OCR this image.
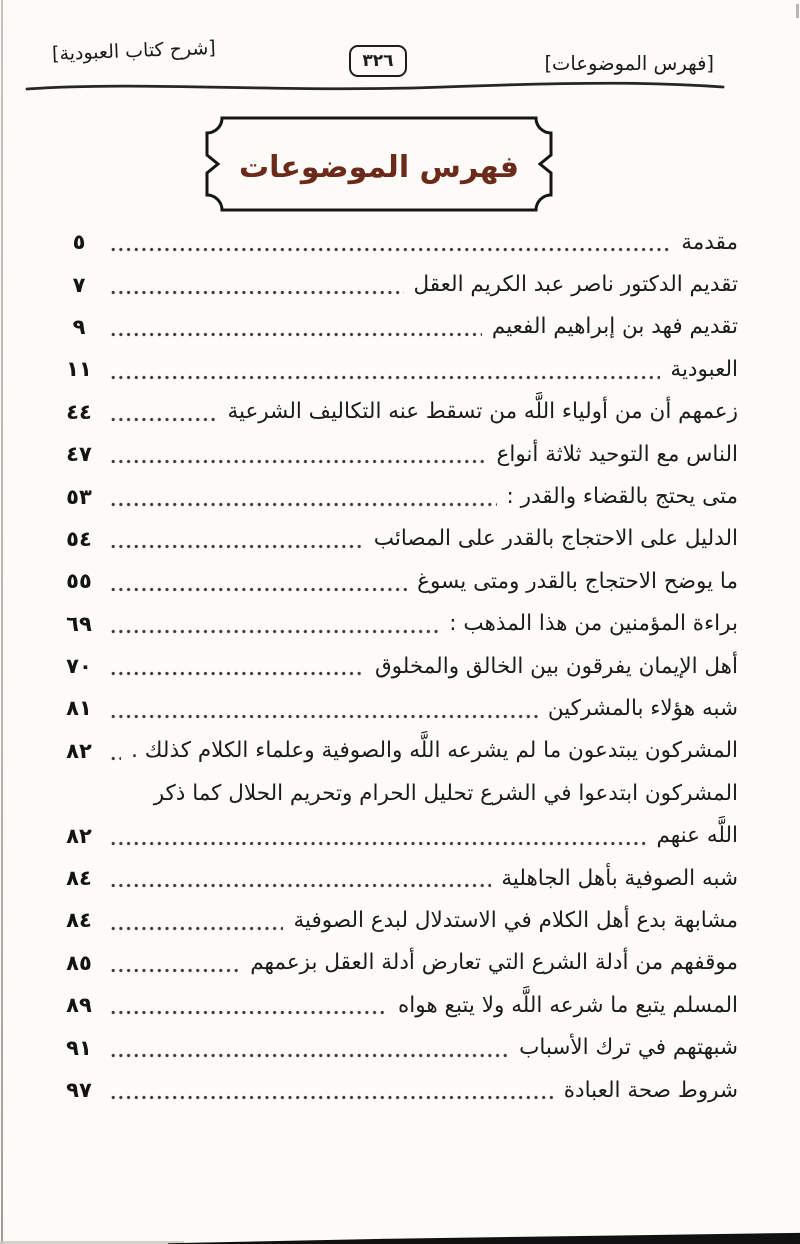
[شرح كتاب العبودية]
٣٢٦	[فهرس الموضوعات]
فهرس الموضوعات
مقدمة
٥
تقديم الدكتور ناصر عبد الكريم العقل
٧
تقديم فهد بن إبراهيم الفعيم
٩
العبودية
١١
زعمهم أن من أولياء اللَّه من تسقط عنه التكاليف الشرعية
٤٤
الناس مع التوحيد ثلاثة أنواع
٤٧
متى يحتج بالقضاء والقدر :
٥٣
الدليل على الاحتجاج بالقدر على المصائب
٥٤
ما يوضح الاحتجاج بالقدر ومتى يسوغ
٥٥
براءة المؤمنين من هذا المذهب :
٦٩
أهل الإيمان يفرقون بين الخالق والمخلوق
٧٠
شبه هؤلاء بالمشركين
٨١
المشركون يبتدعون ما لم يشرعه اللَّه والصوفية وعلماء الكلام كذلك .
٨٢
المشركون ابتدعوا في الشرع تحليل الحرام وتحريم الحلال كما ذكر
اللَّه عنهم
٨٢
شبه الصوفية بأهل الجاهلية
٨٤
مشابهة بدع أهل الكلام في الاستدلال لبدع الصوفية
٨٤
موقفهم من أدلة الشرع التي تعارض أدلة العقل بزعمهم
٨٥
المسلم يتبع ما شرعه اللَّه ولا يتبع هواه
٨٩
شبهتهم في ترك الأسباب
٩١
شروط صحة العبادة
٩٧
